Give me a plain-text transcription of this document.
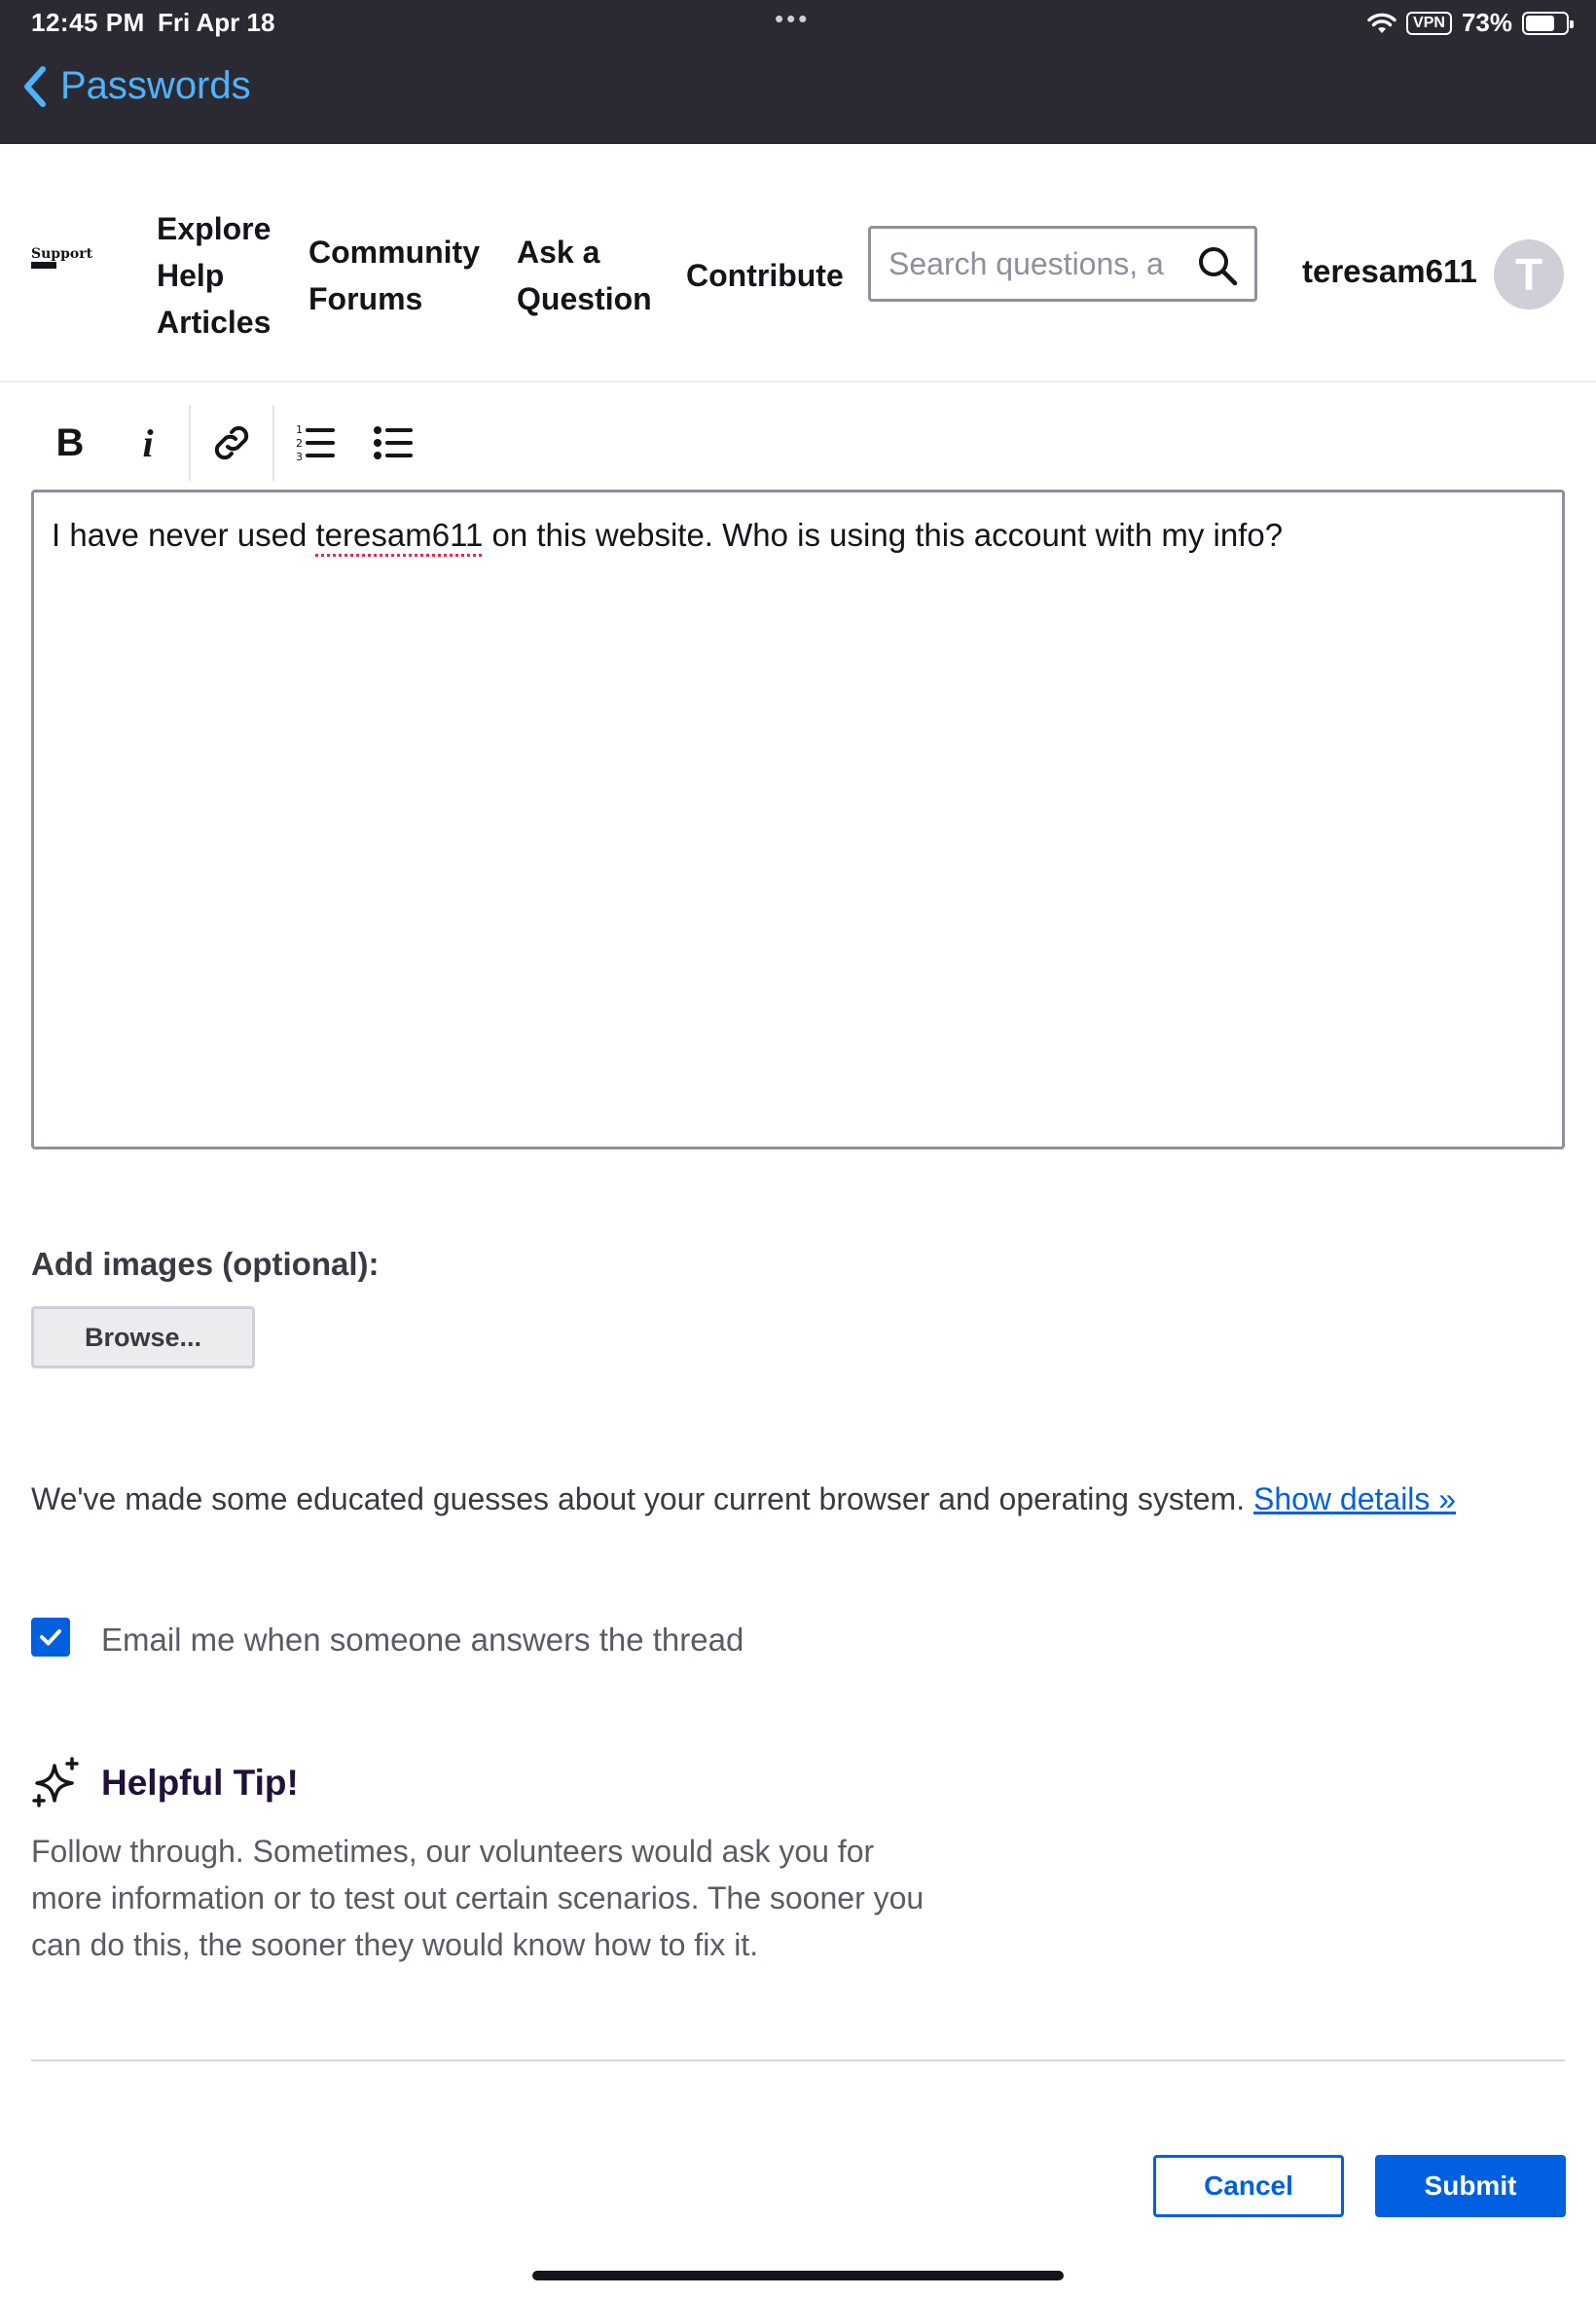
12:45 PM Fri Apr 18	•••	VPN 73%
Passwords
Support
Explore
Help
Articles
Community
Forums
Ask a
Question
Contribute
Search questions, a	teresam611 T
B	i	1
2
3
I have never used teresam611 on this website. Who is using this account with my info?
Add images (optional):
Browse...
We've made some educated guesses about your current browser and operating system. Show details »
Email me when someone answers the thread
Helpful Tip!
Follow through. Sometimes, our volunteers would ask you for more information or to test out certain scenarios. The sooner you can do this, the sooner they would know how to fix it.
Cancel	Submit
